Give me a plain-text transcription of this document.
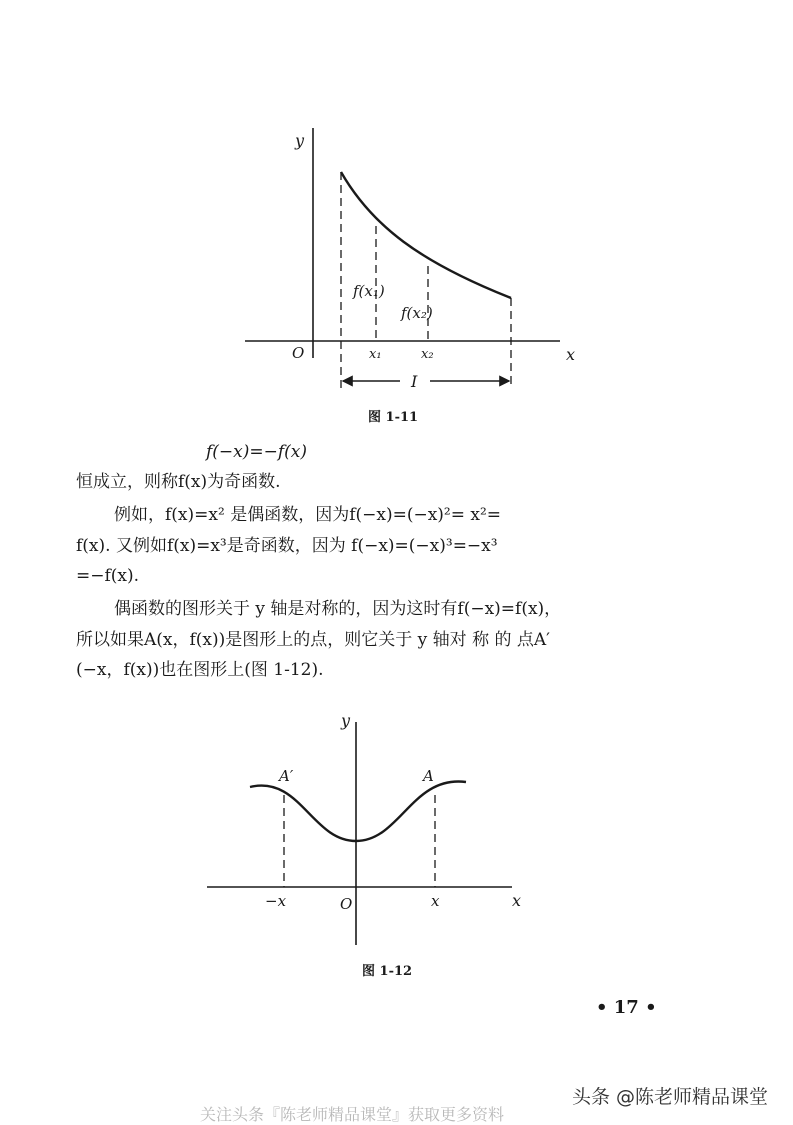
y
x
O
f(x₁)
f(x₂)
x₁	x₂
I
图 1-11
y
x
O
A′	A
−x	x
图 1-12
f(−x)=−f(x)
恒成立，则称f(x)为奇函数.
例如，f(x)=x² 是偶函数，因为f(−x)=(−x)²= x²=
f(x). 又例如f(x)=x³是奇函数，因为 f(−x)=(−x)³=−x³
=−f(x).
偶函数的图形关于 y 轴是对称的，因为这时有f(−x)=f(x)，
所以如果A(x，f(x))是图形上的点，则它关于 y 轴对 称 的 点A′
(−x，f(x))也在图形上(图 1-12).
• 17 •
头条 @陈老师精品课堂
关注头条『陈老师精品课堂』获取更多资料
